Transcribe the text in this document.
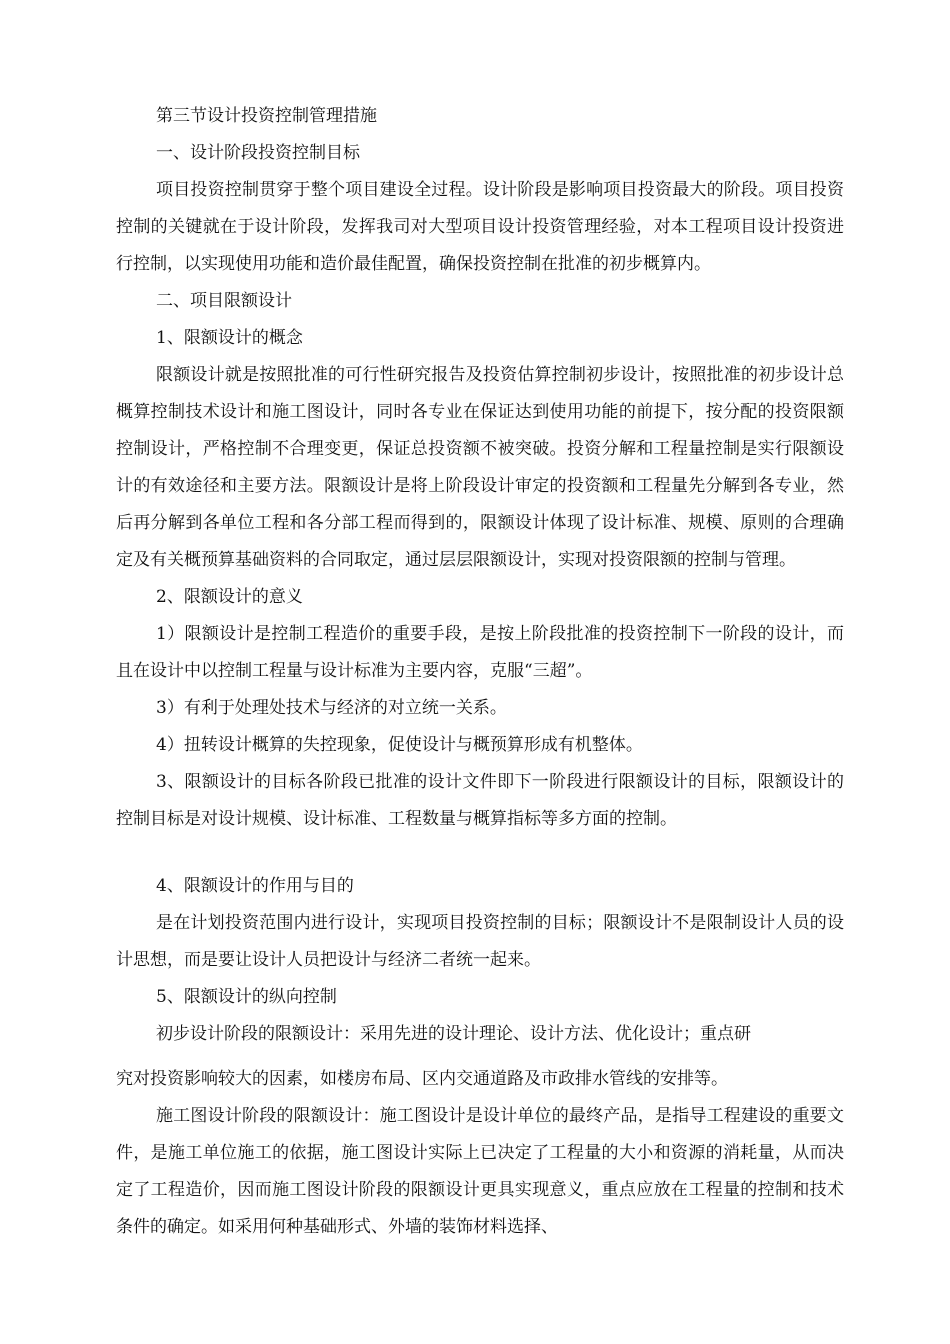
第三节设计投资控制管理措施

一、设计阶段投资控制目标

项目投资控制贯穿于整个项目建设全过程。设计阶段是影响项目投资最大的阶段。项目投资控制的关键就在于设计阶段，发挥我司对大型项目设计投资管理经验，对本工程项目设计投资进行控制，以实现使用功能和造价最佳配置，确保投资控制在批准的初步概算内。

二、项目限额设计

1、限额设计的概念

限额设计就是按照批准的可行性研究报告及投资估算控制初步设计，按照批准的初步设计总概算控制技术设计和施工图设计，同时各专业在保证达到使用功能的前提下，按分配的投资限额控制设计，严格控制不合理变更，保证总投资额不被突破。投资分解和工程量控制是实行限额设计的有效途径和主要方法。限额设计是将上阶段设计审定的投资额和工程量先分解到各专业，然后再分解到各单位工程和各分部工程而得到的，限额设计体现了设计标准、规模、原则的合理确定及有关概预算基础资料的合同取定，通过层层限额设计，实现对投资限额的控制与管理。

2、限额设计的意义

1）限额设计是控制工程造价的重要手段，是按上阶段批准的投资控制下一阶段的设计，而且在设计中以控制工程量与设计标准为主要内容，克服“三超”。

3）有利于处理处技术与经济的对立统一关系。

4）扭转设计概算的失控现象，促使设计与概预算形成有机整体。

3、限额设计的目标各阶段已批准的设计文件即下一阶段进行限额设计的目标，限额设计的控制目标是对设计规模、设计标准、工程数量与概算指标等多方面的控制。

4、限额设计的作用与目的

是在计划投资范围内进行设计，实现项目投资控制的目标；限额设计不是限制设计人员的设计思想，而是要让设计人员把设计与经济二者统一起来。

5、限额设计的纵向控制

初步设计阶段的限额设计：采用先进的设计理论、设计方法、优化设计；重点研

究对投资影响较大的因素，如楼房布局、区内交通道路及市政排水管线的安排等。

施工图设计阶段的限额设计：施工图设计是设计单位的最终产品，是指导工程建设的重要文件，是施工单位施工的依据，施工图设计实际上已决定了工程量的大小和资源的消耗量，从而决定了工程造价，因而施工图设计阶段的限额设计更具实现意义，重点应放在工程量的控制和技术条件的确定。如采用何种基础形式、外墙的装饰材料选择、
